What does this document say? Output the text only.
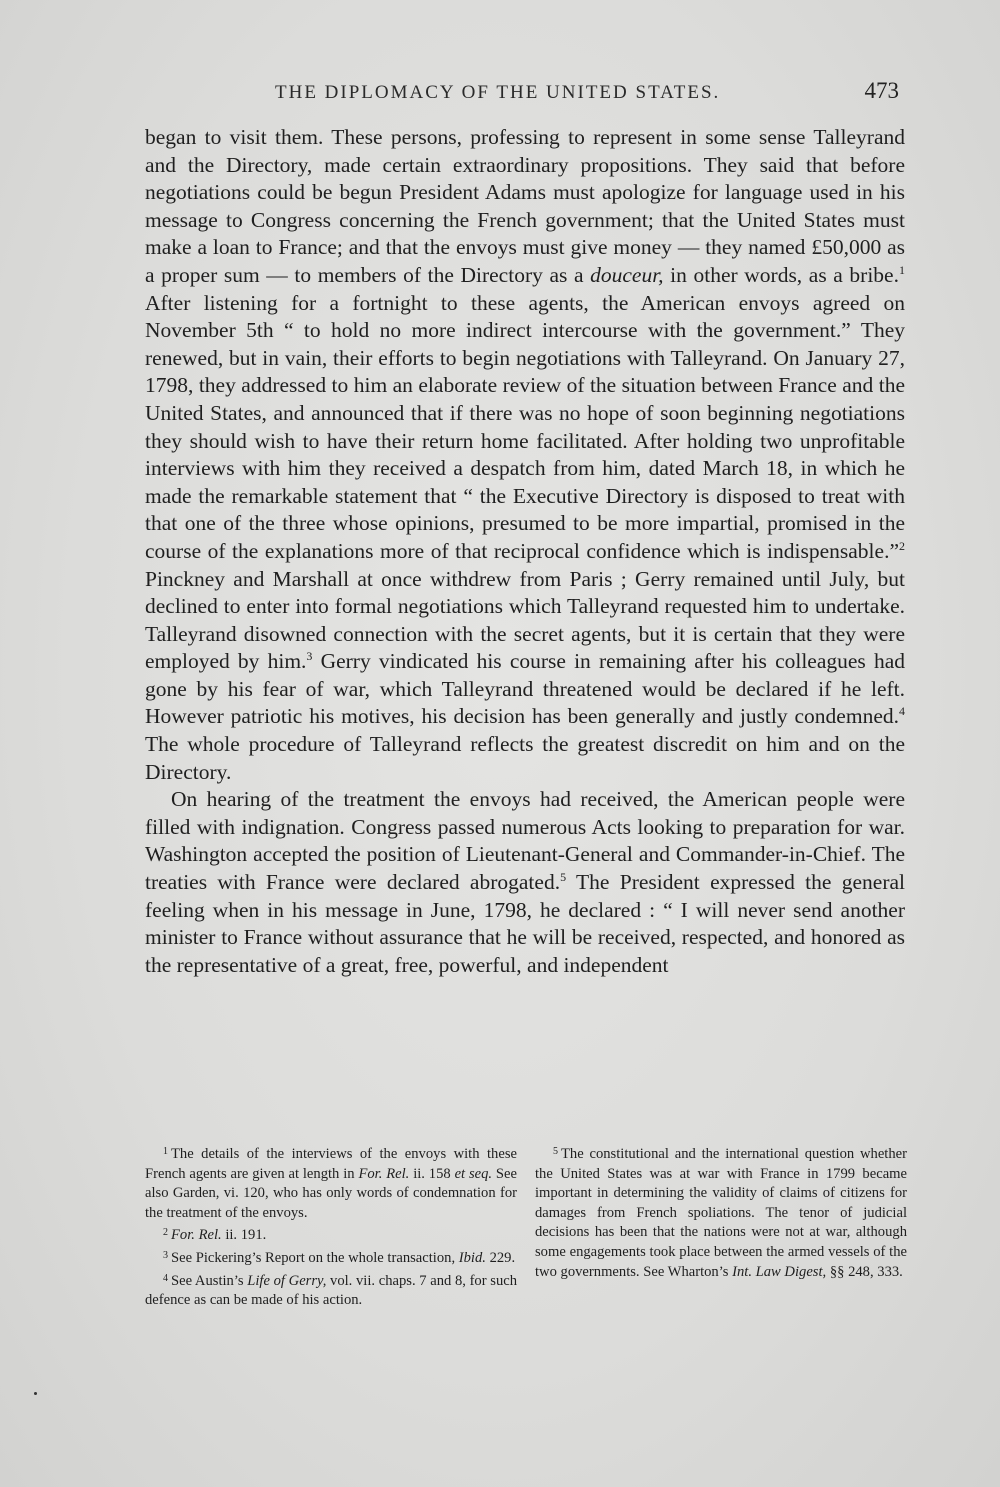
THE DIPLOMACY OF THE UNITED STATES.	473

began to visit them. These persons, professing to represent in some sense Talleyrand and the Directory, made certain extraordinary propositions. They said that before negotiations could be begun President Adams must apologize for language used in his message to Congress concerning the French government; that the United States must make a loan to France; and that the envoys must give money — they named £50,000 as a proper sum — to members of the Directory as a douceur, in other words, as a bribe.$^1$ After listening for a fortnight to these agents, the American envoys agreed on November 5th “ to hold no more indirect intercourse with the government.” They renewed, but in vain, their efforts to begin negotiations with Talleyrand. On January 27, 1798, they addressed to him an elaborate review of the situation between France and the United States, and announced that if there was no hope of soon beginning negotiations they should wish to have their return home facilitated. After holding two unprofitable interviews with him they received a despatch from him, dated March 18, in which he made the remarkable statement that “ the Executive Directory is disposed to treat with that one of the three whose opinions, presumed to be more impartial, promised in the course of the explanations more of that reciprocal confidence which is indispensable.”$^2$ Pinckney and Marshall at once withdrew from Paris ; Gerry remained until July, but declined to enter into formal negotiations which Talleyrand requested him to undertake. Talleyrand disowned connection with the secret agents, but it is certain that they were employed by him.$^3$ Gerry vindicated his course in remaining after his colleagues had gone by his fear of war, which Talleyrand threatened would be declared if he left. However patriotic his motives, his decision has been generally and justly condemned.$^4$ The whole procedure of Talleyrand reflects the greatest discredit on him and on the Directory.

On hearing of the treatment the envoys had received, the American people were filled with indignation. Congress passed numerous Acts looking to preparation for war. Washington accepted the position of Lieutenant-General and Commander-in-Chief. The treaties with France were declared abrogated.$^5$ The President expressed the general feeling when in his message in June, 1798, he declared : “ I will never send another minister to France without assurance that he will be received, respected, and honored as the representative of a great, free, powerful, and independent

$^1$ The details of the interviews of the envoys with these French agents are given at length in For. Rel. ii. 158 et seq. See also Garden, vi. 120, who has only words of condemnation for the treatment of the envoys.

$^2$ For. Rel. ii. 191.

$^3$ See Pickering’s Report on the whole transaction, Ibid. 229.

$^4$ See Austin’s Life of Gerry, vol. vii. chaps. 7 and 8, for such defence as can be made of his action.

$^5$ The constitutional and the international question whether the United States was at war with France in 1799 became important in determining the validity of claims of citizens for damages from French spoliations. The tenor of judicial decisions has been that the nations were not at war, although some engagements took place between the armed vessels of the two governments. See Wharton’s Int. Law Digest, §§ 248, 333.
